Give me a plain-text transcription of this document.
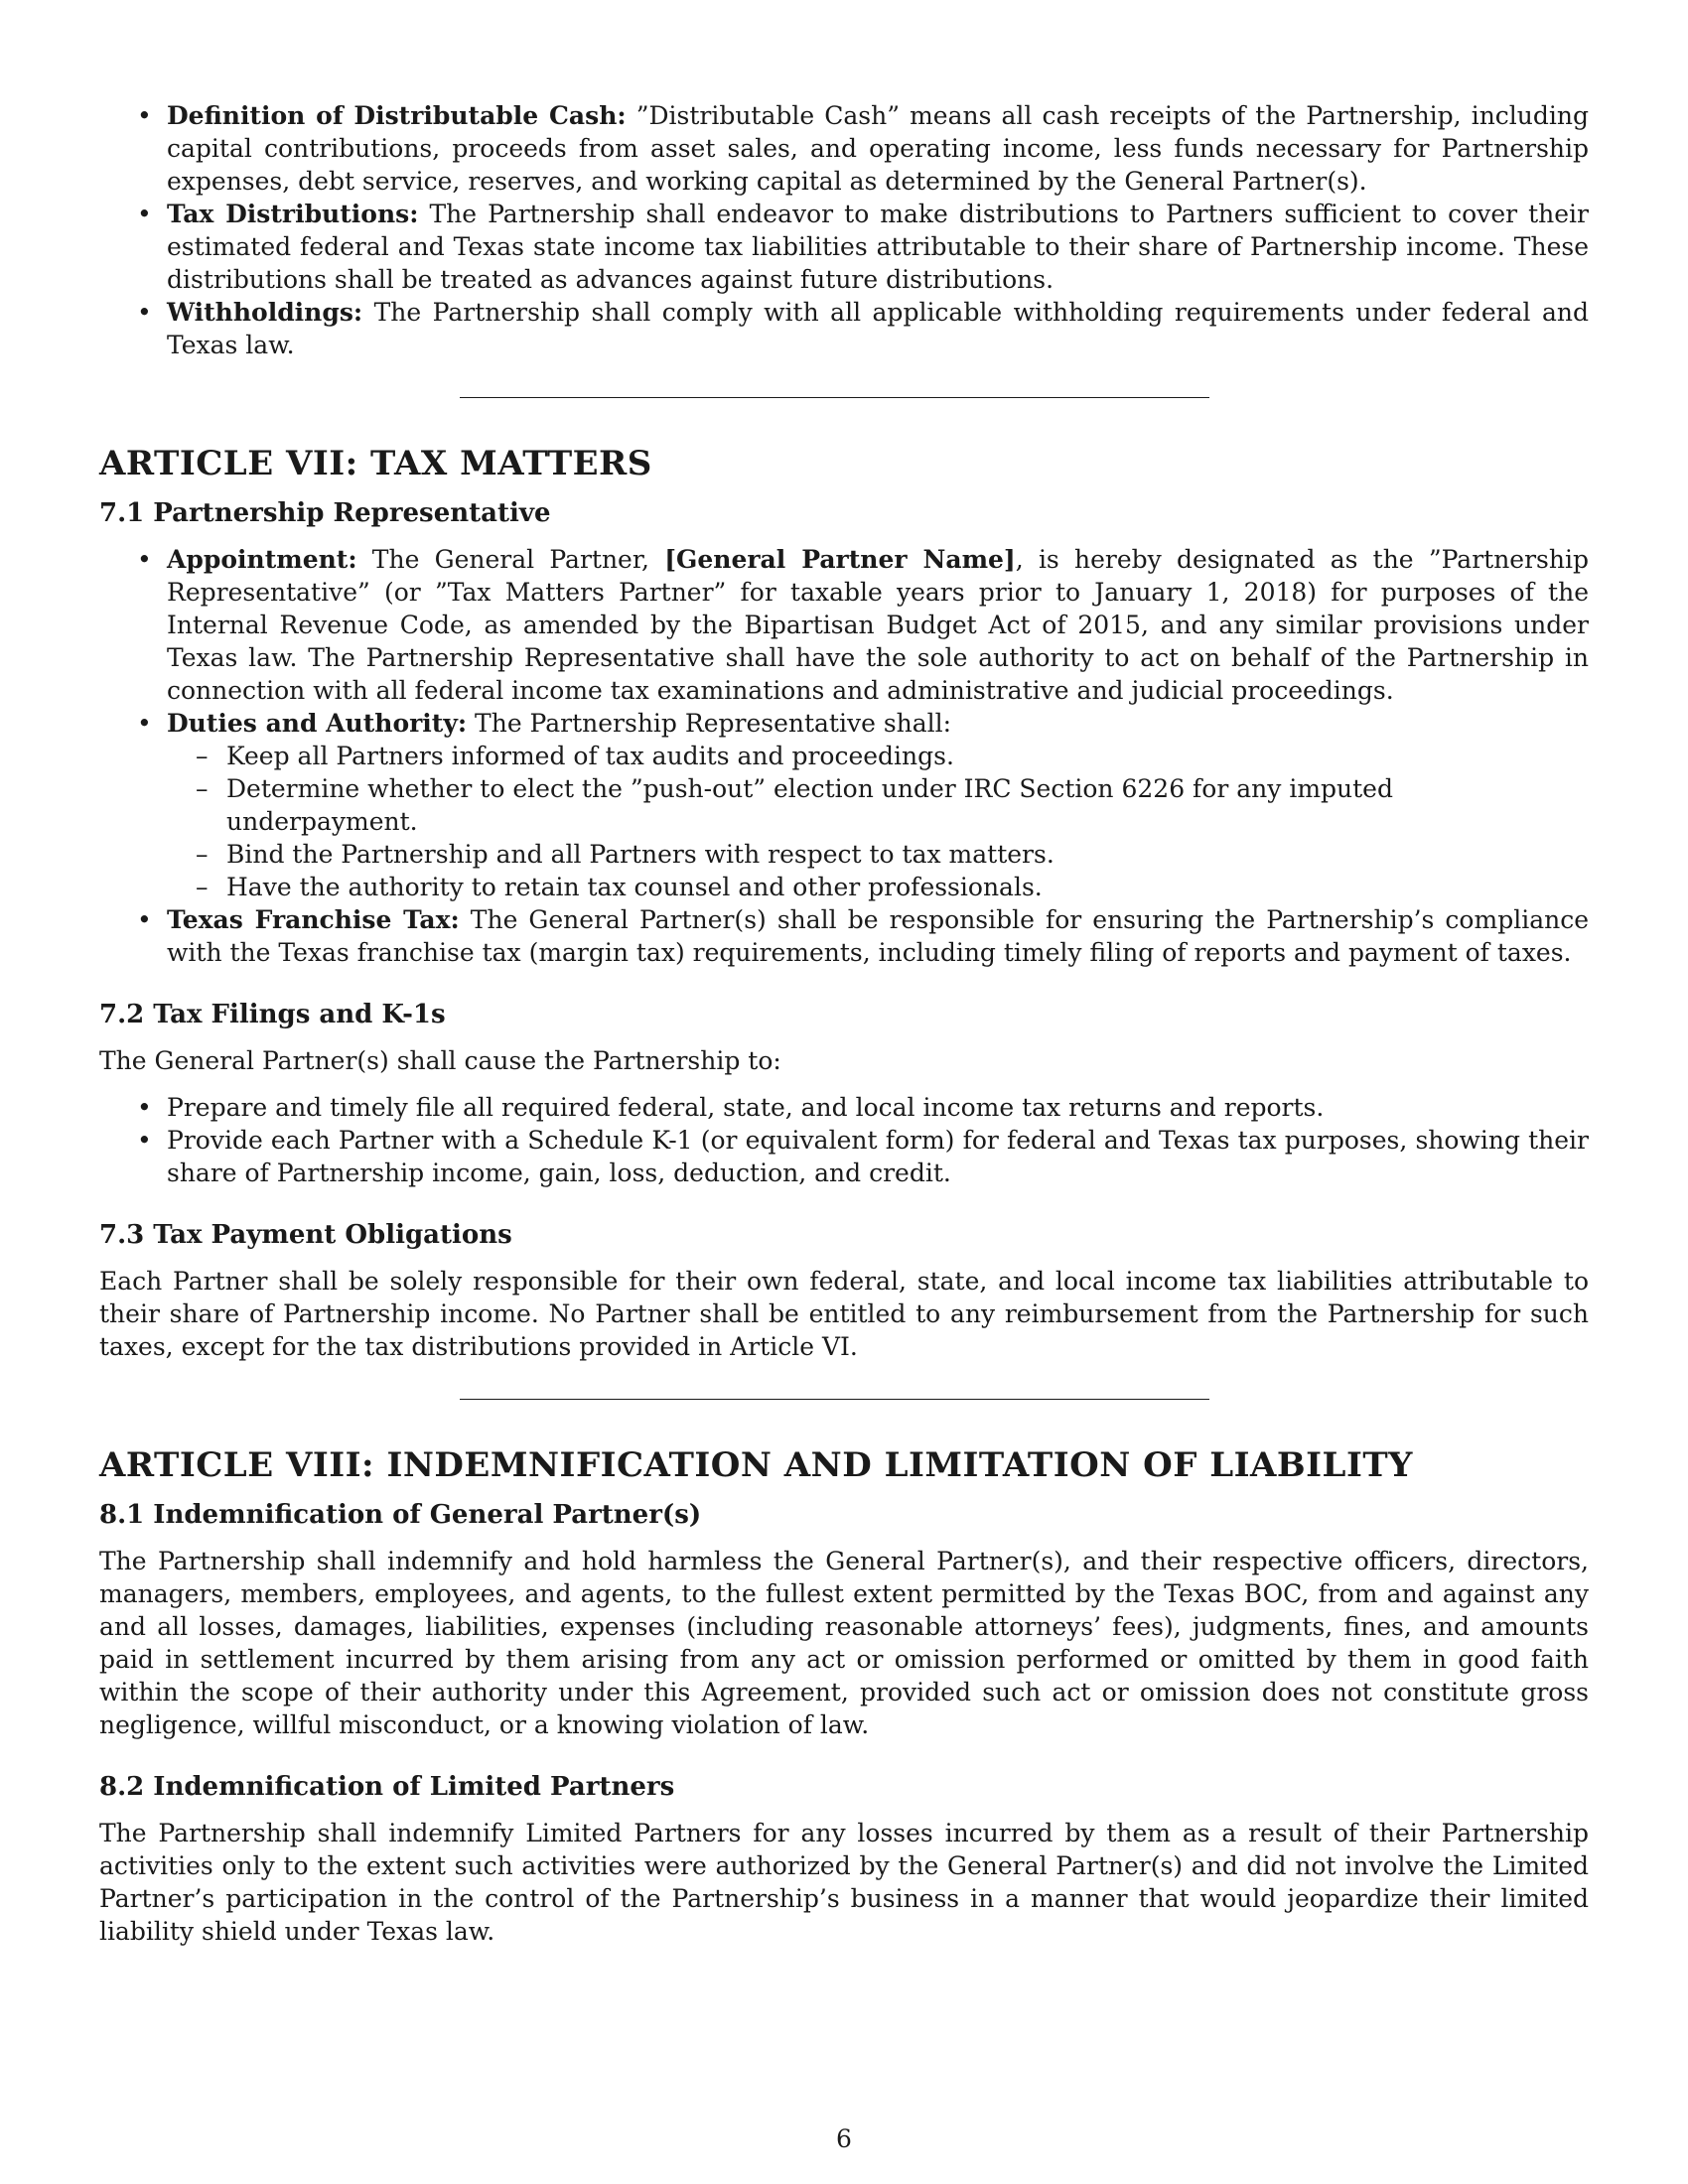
• Definition of Distributable Cash: ”Distributable Cash” means all cash receipts of the Partnership, including capital contributions, proceeds from asset sales, and operating income, less funds necessary for Partnership expenses, debt service, reserves, and working capital as determined by the General Partner(s).
• Tax Distributions: The Partnership shall endeavor to make distributions to Partners sufficient to cover their estimated federal and Texas state income tax liabilities attributable to their share of Partnership income. These distributions shall be treated as advances against future distributions.
• Withholdings: The Partnership shall comply with all applicable withholding requirements under federal and Texas law.
ARTICLE VII: TAX MATTERS
7.1 Partnership Representative
• Appointment: The General Partner, [General Partner Name], is hereby designated as the ”Partnership Representative” (or ”Tax Matters Partner” for taxable years prior to January 1, 2018) for purposes of the Internal Revenue Code, as amended by the Bipartisan Budget Act of 2015, and any similar provisions under Texas law. The Partnership Representative shall have the sole authority to act on behalf of the Partnership in connection with all federal income tax examinations and administrative and judicial proceedings.
• Duties and Authority: The Partnership Representative shall:
– Keep all Partners informed of tax audits and proceedings.
– Determine whether to elect the ”push-out” election under IRC Section 6226 for any imputed underpayment.
– Bind the Partnership and all Partners with respect to tax matters.
– Have the authority to retain tax counsel and other professionals.
• Texas Franchise Tax: The General Partner(s) shall be responsible for ensuring the Partnership’s compliance with the Texas franchise tax (margin tax) requirements, including timely filing of reports and payment of taxes.
7.2 Tax Filings and K-1s

The General Partner(s) shall cause the Partnership to:

• Prepare and timely file all required federal, state, and local income tax returns and reports.
• Provide each Partner with a Schedule K-1 (or equivalent form) for federal and Texas tax purposes, showing their share of Partnership income, gain, loss, deduction, and credit.
7.3 Tax Payment Obligations

Each Partner shall be solely responsible for their own federal, state, and local income tax liabilities attributable to their share of Partnership income. No Partner shall be entitled to any reimbursement from the Partnership for such taxes, except for the tax distributions provided in Article VI.

ARTICLE VIII: INDEMNIFICATION AND LIMITATION OF LIABILITY
8.1 Indemnification of General Partner(s)

The Partnership shall indemnify and hold harmless the General Partner(s), and their respective officers, directors, managers, members, employees, and agents, to the fullest extent permitted by the Texas BOC, from and against any and all losses, damages, liabilities, expenses (including reasonable attorneys’ fees), judgments, fines, and amounts paid in settlement incurred by them arising from any act or omission performed or omitted by them in good faith within the scope of their authority under this Agreement, provided such act or omission does not constitute gross negligence, willful misconduct, or a knowing violation of law.

8.2 Indemnification of Limited Partners

The Partnership shall indemnify Limited Partners for any losses incurred by them as a result of their Partnership activities only to the extent such activities were authorized by the General Partner(s) and did not involve the Limited Partner’s participation in the control of the Partnership’s business in a manner that would jeopardize their limited liability shield under Texas law.

6
